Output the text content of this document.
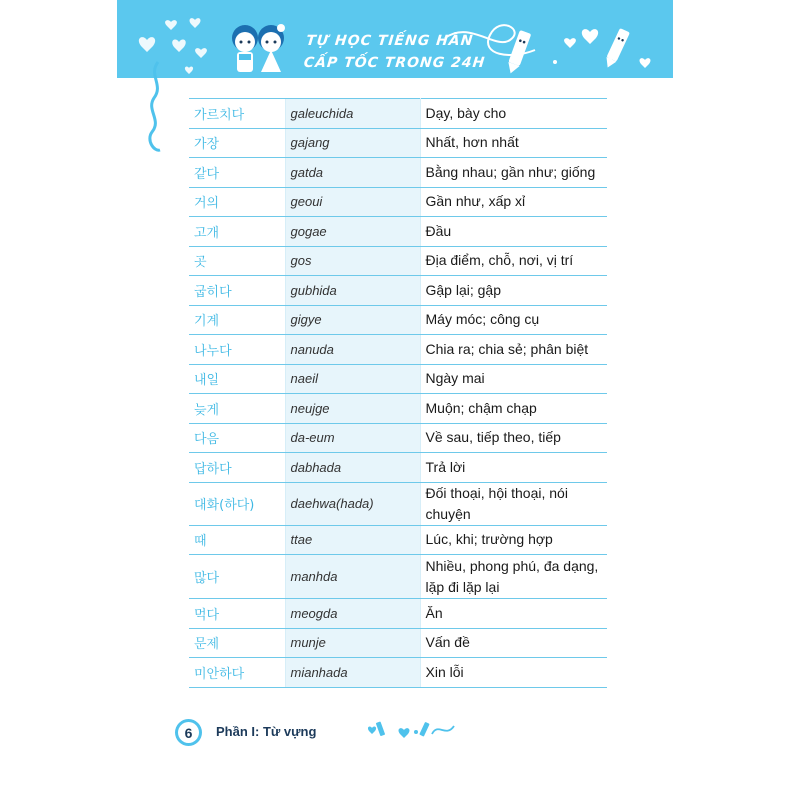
TỰ HỌC TIẾNG HÀN
CẤP TỐC TRONG 24H
가르치다	galeuchida	Dạy, bày cho
가장	gajang	Nhất, hơn nhất
같다	gatda	Bằng nhau; gần như; giống
거의	geoui	Gần như, xấp xỉ
고개	gogae	Đầu
곳	gos	Địa điểm, chỗ, nơi, vị trí
굽히다	gubhida	Gập lại; gập
기계	gigye	Máy móc; công cụ
나누다	nanuda	Chia ra; chia sẻ; phân biệt
내일	naeil	Ngày mai
늦게	neujge	Muộn; chậm chạp
다음	da-eum	Về sau, tiếp theo, tiếp
답하다	dabhada	Trả lời
대화(하다)	daehwa(hada)	Đối thoại, hội thoại, nói chuyện
때	ttae	Lúc, khi; trường hợp
많다	manhda	Nhiều, phong phú, đa dạng, lặp đi lặp lại
먹다	meogda	Ăn
문제	munje	Vấn đề
미안하다	mianhada	Xin lỗi
6	Phần I: Từ vựng
